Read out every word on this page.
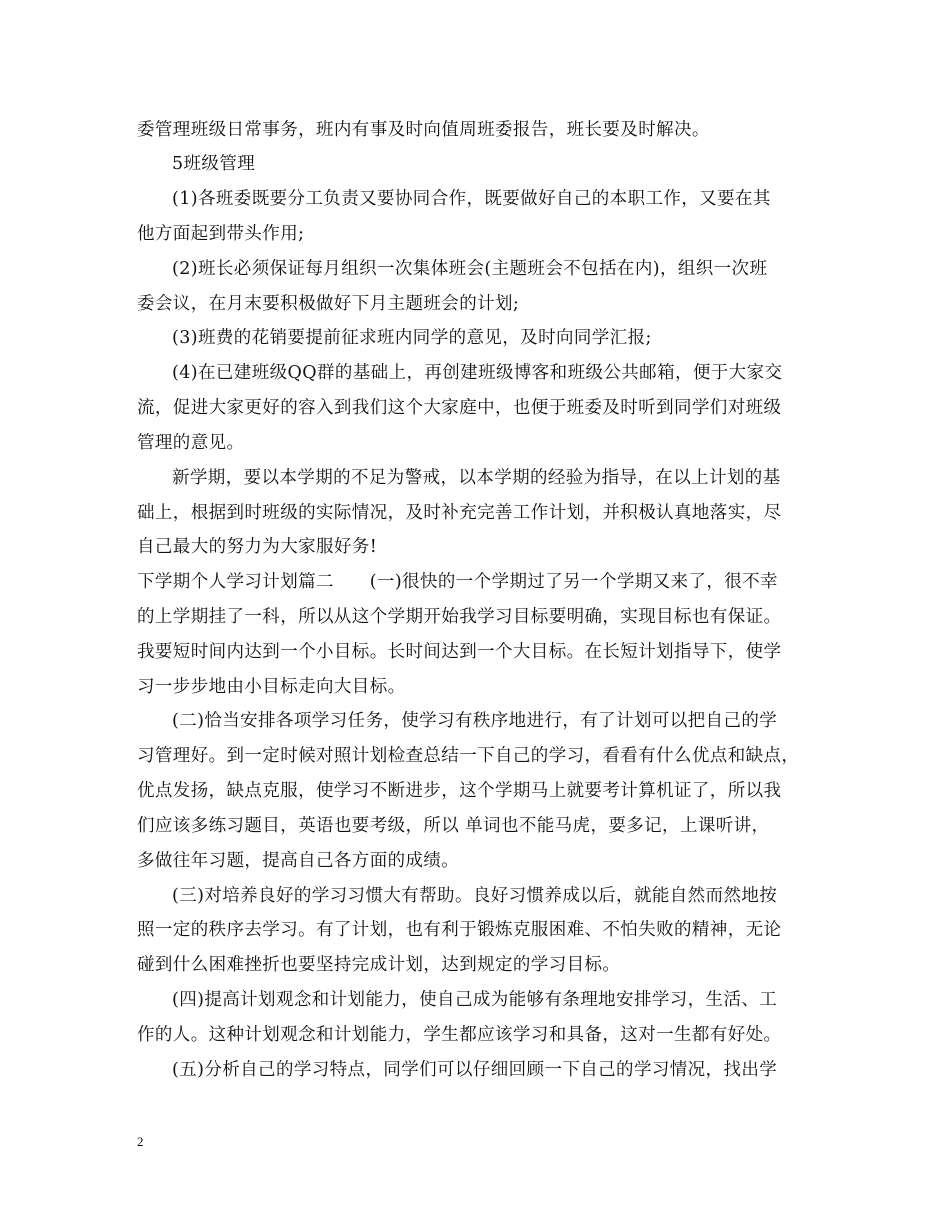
委管理班级日常事务，班内有事及时向值周班委报告，班长要及时解决。
5班级管理
(1)各班委既要分工负责又要协同合作，既要做好自己的本职工作，又要在其
他方面起到带头作用;
(2)班长必须保证每月组织一次集体班会(主题班会不包括在内)，组织一次班
委会议，在月末要积极做好下月主题班会的计划;
(3)班费的花销要提前征求班内同学的意见，及时向同学汇报;
(4)在已建班级QQ群的基础上，再创建班级博客和班级公共邮箱，便于大家交
流，促进大家更好的容入到我们这个大家庭中，也便于班委及时听到同学们对班级
管理的意见。
新学期，要以本学期的不足为警戒，以本学期的经验为指导，在以上计划的基
础上，根据到时班级的实际情况，及时补充完善工作计划，并积极认真地落实，尽
自己最大的努力为大家服好务!
下学期个人学习计划篇二　　(一)很快的一个学期过了另一个学期又来了，很不幸
的上学期挂了一科，所以从这个学期开始我学习目标要明确，实现目标也有保证。
我要短时间内达到一个小目标。长时间达到一个大目标。在长短计划指导下，使学
习一步步地由小目标走向大目标。
(二)恰当安排各项学习任务，使学习有秩序地进行，有了计划可以把自己的学
习管理好。到一定时候对照计划检查总结一下自己的学习，看看有什么优点和缺点，
优点发扬，缺点克服，使学习不断进步，这个学期马上就要考计算机证了，所以我
们应该多练习题目，英语也要考级，所以 单词也不能马虎，要多记，上课听讲，
多做往年习题，提高自己各方面的成绩。
(三)对培养良好的学习习惯大有帮助。良好习惯养成以后，就能自然而然地按
照一定的秩序去学习。有了计划，也有利于锻炼克服困难、不怕失败的精神，无论
碰到什么困难挫折也要坚持完成计划，达到规定的学习目标。
(四)提高计划观念和计划能力，使自己成为能够有条理地安排学习，生活、工
作的人。这种计划观念和计划能力，学生都应该学习和具备，这对一生都有好处。
(五)分析自己的学习特点，同学们可以仔细回顾一下自己的学习情况，找出学
2
